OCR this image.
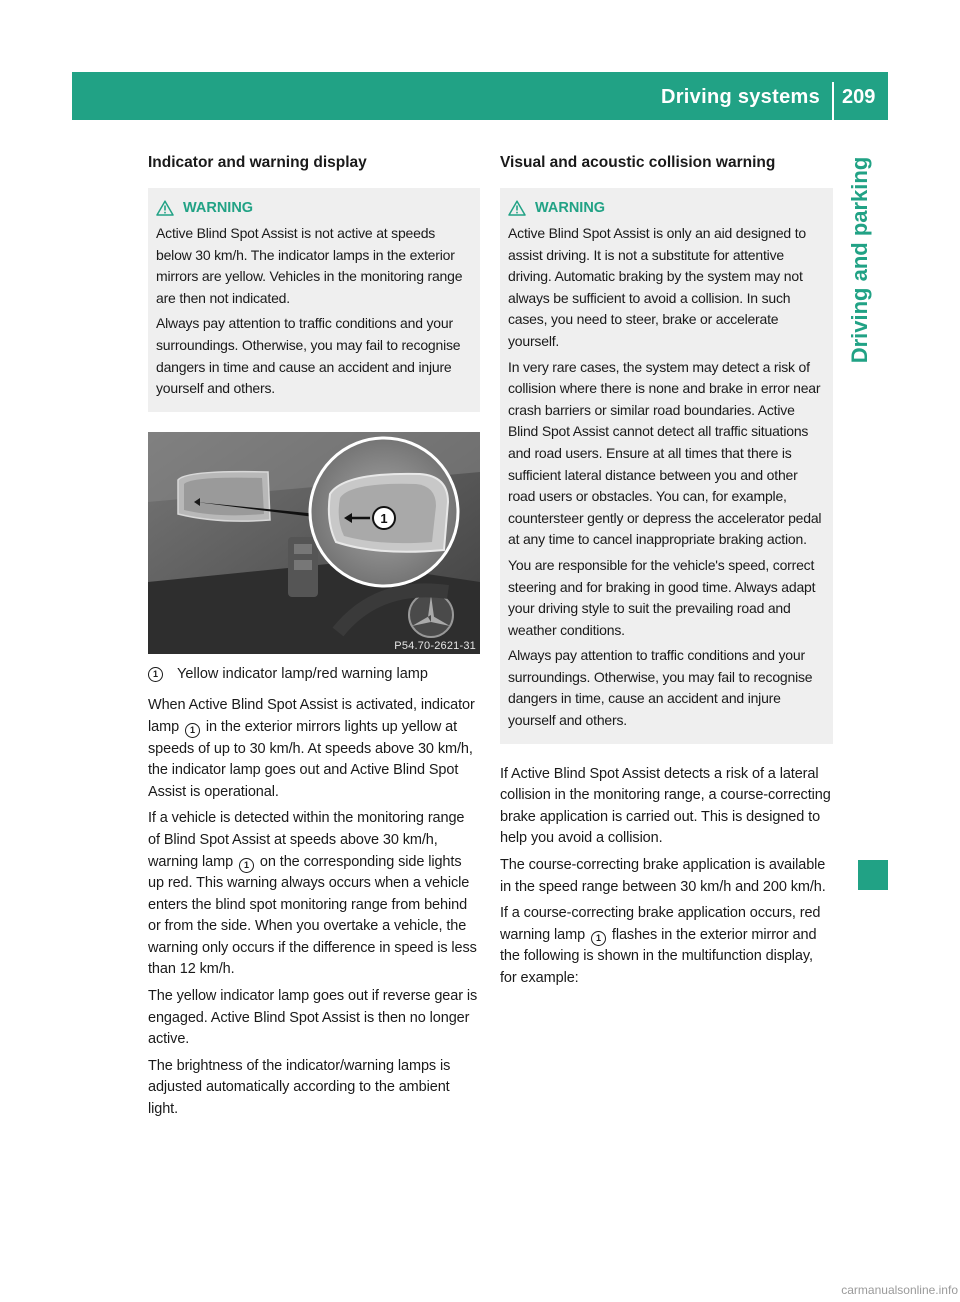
Driving systems 209
Driving and parking
Indicator and warning display
WARNING

Active Blind Spot Assist is not active at speeds below 30 km/h. The indicator lamps in the exterior mirrors are yellow. Vehicles in the monitoring range are then not indicated.

Always pay attention to traffic conditions and your surroundings. Otherwise, you may fail to recognise dangers in time and cause an accident and injure yourself and others.

1
P54.70-2621-31
1	Yellow indicator lamp/red warning lamp

When Active Blind Spot Assist is activated, indicator lamp 1 in the exterior mirrors lights up yellow at speeds of up to 30 km/h. At speeds above 30 km/h, the indicator lamp goes out and Active Blind Spot Assist is operational.

If a vehicle is detected within the monitoring range of Blind Spot Assist at speeds above 30 km/h, warning lamp 1 on the corresponding side lights up red. This warning always occurs when a vehicle enters the blind spot monitoring range from behind or from the side. When you overtake a vehicle, the warning only occurs if the difference in speed is less than 12 km/h.

The yellow indicator lamp goes out if reverse gear is engaged. Active Blind Spot Assist is then no longer active.

The brightness of the indicator/warning lamps is adjusted automatically according to the ambient light.

Visual and acoustic collision warning
WARNING

Active Blind Spot Assist is only an aid designed to assist driving. It is not a substitute for attentive driving. Automatic braking by the system may not always be sufficient to avoid a collision. In such cases, you need to steer, brake or accelerate yourself.

In very rare cases, the system may detect a risk of collision where there is none and brake in error near crash barriers or similar road boundaries. Active Blind Spot Assist cannot detect all traffic situations and road users. Ensure at all times that there is sufficient lateral distance between you and other road users or obstacles. You can, for example, countersteer gently or depress the accelerator pedal at any time to cancel inappropriate braking action.

You are responsible for the vehicle's speed, correct steering and for braking in good time. Always adapt your driving style to suit the prevailing road and weather conditions.

Always pay attention to traffic conditions and your surroundings. Otherwise, you may fail to recognise dangers in time, cause an accident and injure yourself and others.

If Active Blind Spot Assist detects a risk of a lateral collision in the monitoring range, a course-correcting brake application is carried out. This is designed to help you avoid a collision.

The course-correcting brake application is available in the speed range between 30 km/h and 200 km/h.

If a course-correcting brake application occurs, red warning lamp 1 flashes in the exterior mirror and the following is shown in the multifunction display, for example:

carmanualsonline.info
